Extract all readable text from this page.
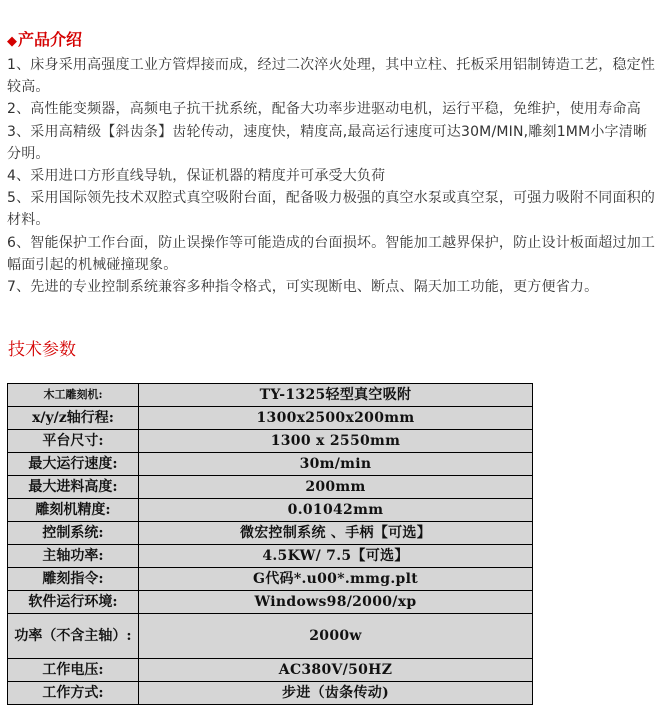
◆产品介绍

1、床身采用高强度工业方管焊接而成，经过二次淬火处理，其中立柱、托板采用铝制铸造工艺，稳定性较高。

2、高性能变频器，高频电子抗干扰系统，配备大功率步进驱动电机，运行平稳，免维护，使用寿命高

3、采用高精级【斜齿条】齿轮传动，速度快，精度高,最高运行速度可达30M/MIN,雕刻1MM小字清晰分明。

4、采用进口方形直线导轨，保证机器的精度并可承受大负荷

5、采用国际领先技术双腔式真空吸附台面，配备吸力极强的真空水泵或真空泵，可强力吸附不同面积的材料。

6、智能保护工作台面，防止误操作等可能造成的台面损坏。智能加工越界保护，防止设计板面超过加工幅面引起的机械碰撞现象。

7、先进的专业控制系统兼容多种指令格式，可实现断电、断点、隔天加工功能，更方便省力。

技术参数
木工雕刻机:	TY-1325轻型真空吸附
x/y/z轴行程:	1300x2500x200mm
平台尺寸:	1300 x 2550mm
最大运行速度:	30m/min
最大进料高度:	200mm
雕刻机精度:	0.01042mm
控制系统:	微宏控制系统 、手柄【可选】
主轴功率:	4.5KW/ 7.5【可选】
雕刻指令:	G代码*.u00*.mmg.plt
软件运行环境:	Windows98/2000/xp
功率（不含主轴）:	2000w
工作电压:	AC380V/50HZ
工作方式:	步进（齿条传动)
